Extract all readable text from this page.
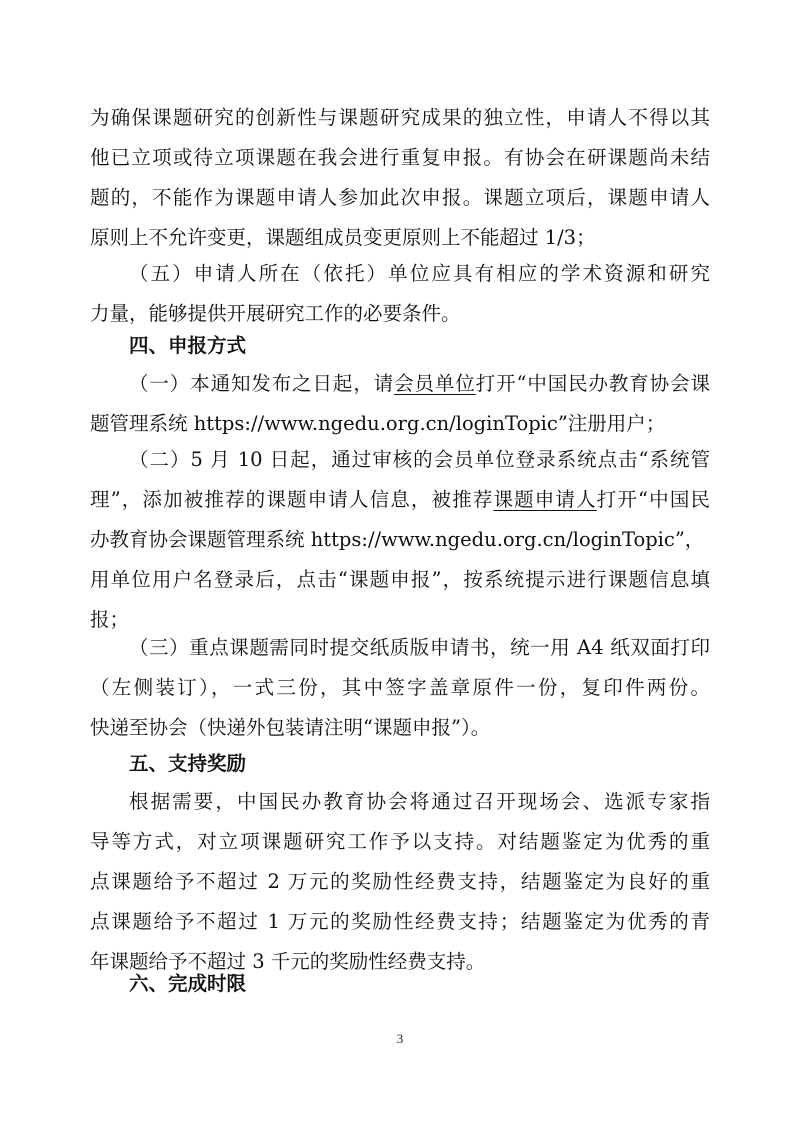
为确保课题研究的创新性与课题研究成果的独立性，申请人不得以其
他已立项或待立项课题在我会进行重复申报。有协会在研课题尚未结
题的，不能作为课题申请人参加此次申报。课题立项后，课题申请人
原则上不允许变更，课题组成员变更原则上不能超过 1/3；
（五）申请人所在（依托）单位应具有相应的学术资源和研究
力量，能够提供开展研究工作的必要条件。
四、申报方式
（一）本通知发布之日起，请会员单位打开“中国民办教育协会课
题管理系统 https://www.ngedu.org.cn/loginTopic”注册用户；
（二）5 月 10 日起，通过审核的会员单位登录系统点击“系统管
理”，添加被推荐的课题申请人信息，被推荐课题申请人打开“中国民
办教育协会课题管理系统 https://www.ngedu.org.cn/loginTopic”，
用单位用户名登录后，点击“课题申报”，按系统提示进行课题信息填
报；
（三）重点课题需同时提交纸质版申请书，统一用 A4 纸双面打印
（左侧装订），一式三份，其中签字盖章原件一份，复印件两份。
快递至协会（快递外包装请注明“课题申报”）。
五、支持奖励
根据需要，中国民办教育协会将通过召开现场会、选派专家指
导等方式，对立项课题研究工作予以支持。对结题鉴定为优秀的重
点课题给予不超过 2 万元的奖励性经费支持，结题鉴定为良好的重
点课题给予不超过 1 万元的奖励性经费支持；结题鉴定为优秀的青
年课题给予不超过 3 千元的奖励性经费支持。
六、完成时限
3
